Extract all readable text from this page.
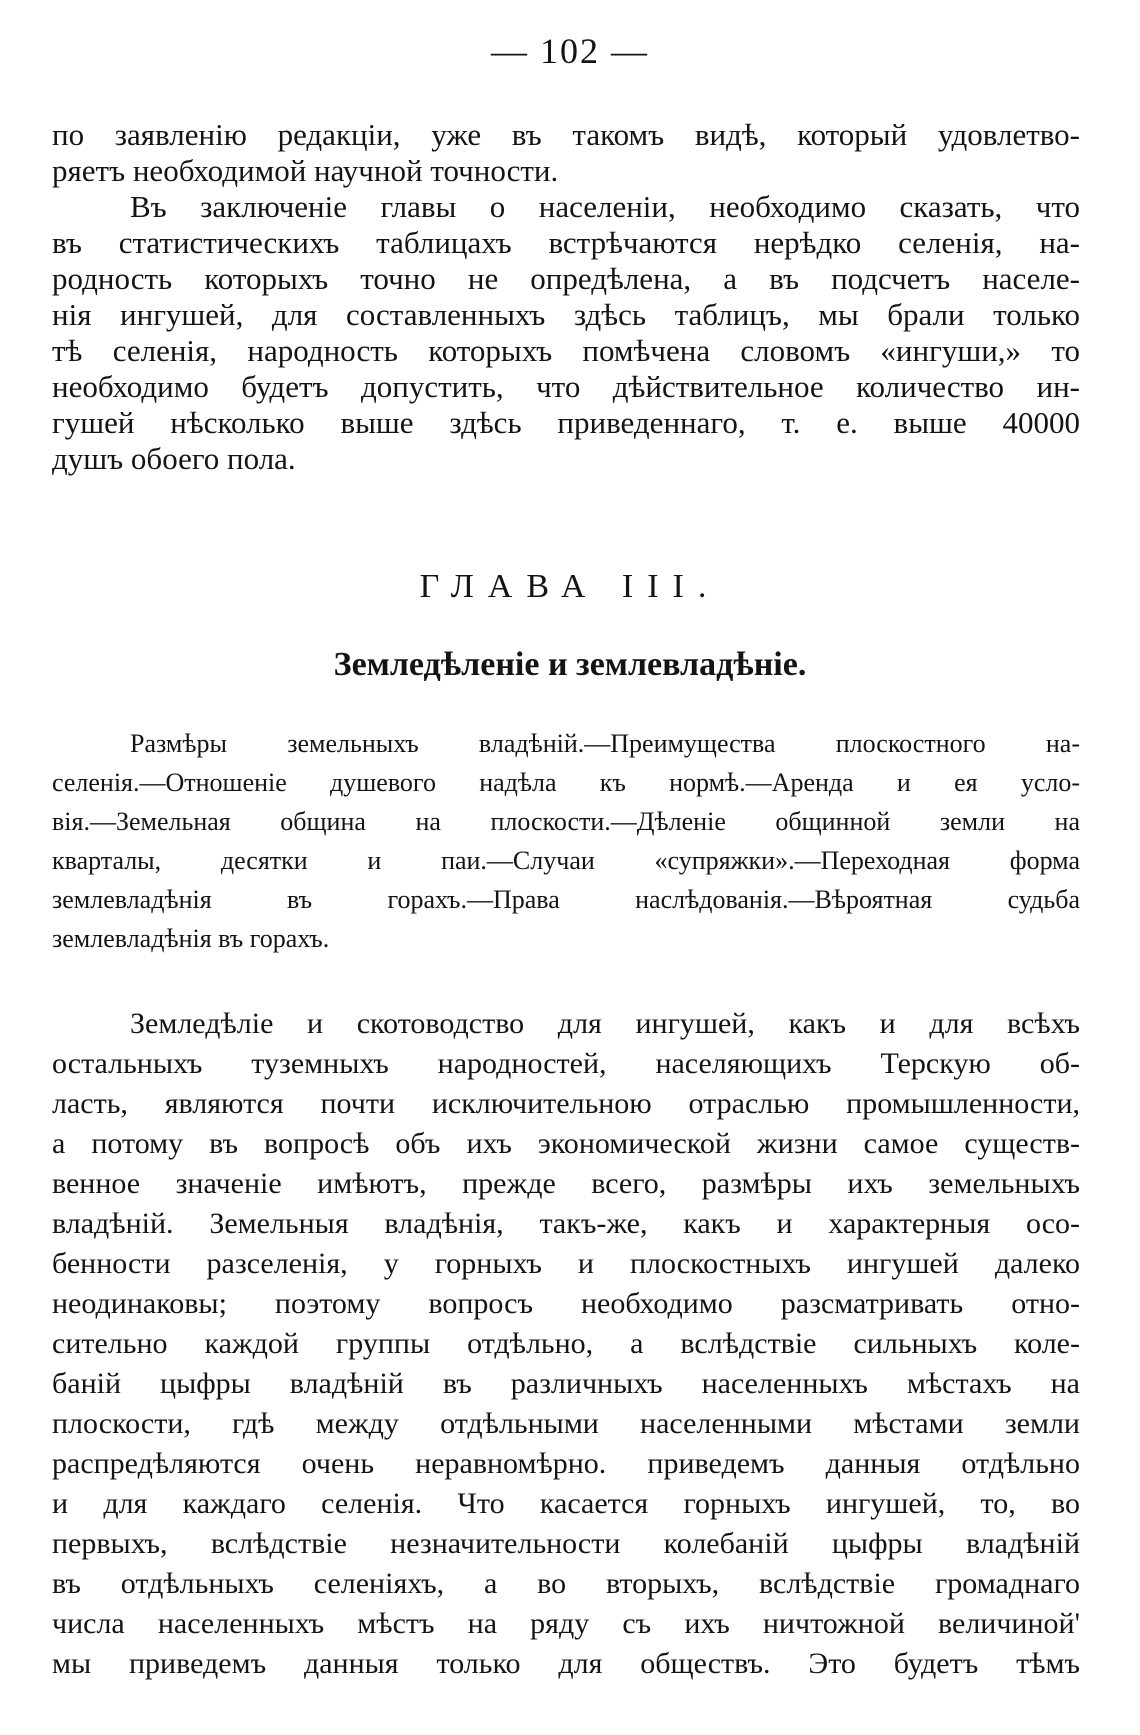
— 102 —
по заявленію редакціи, уже въ такомъ видѣ, который удовлетво-
ряетъ необходимой научной точности.
Въ заключеніе главы о населеніи, необходимо сказать, что
въ статистическихъ таблицахъ встрѣчаются нерѣдко селенія, на-
родность которыхъ точно не опредѣлена, а въ подсчетъ населе-
нія ингушей, для составленныхъ здѣсь таблицъ, мы брали только
тѣ селенія, народность которыхъ помѣчена словомъ «ингуши,» то
необходимо будетъ допустить, что дѣйствительное количество ин-
гушей нѣсколько выше здѣсь приведеннаго, т. е. выше 40000
душъ обоего пола.
ГЛАВА III.
Земледѣленіе и землевладѣніе.
Размѣры земельныхъ владѣній.—Преимущества плоскостного на-
селенія.—Отношеніе душевого надѣла къ нормѣ.—Аренда и ея усло-
вія.—Земельная община на плоскости.—Дѣленіе общинной земли на
кварталы, десятки и паи.—Случаи «супряжки».—Переходная форма
землевладѣнія въ горахъ.—Права наслѣдованія.—Вѣроятная судьба
землевладѣнія въ горахъ.
Земледѣліе и скотоводство для ингушей, какъ и для всѣхъ
остальныхъ туземныхъ народностей, населяющихъ Терскую об-
ласть, являются почти исключительною отраслью промышленности,
а потому въ вопросѣ объ ихъ экономической жизни самое существ-
венное значеніе имѣютъ, прежде всего, размѣры ихъ земельныхъ
владѣній. Земельныя владѣнія, такъ-же, какъ и характерныя осо-
бенности разселенія, у горныхъ и плоскостныхъ ингушей далеко
неодинаковы; поэтому вопросъ необходимо разсматривать отно-
сительно каждой группы отдѣльно, а вслѣдствіе сильныхъ коле-
баній цыфры владѣній въ различныхъ населенныхъ мѣстахъ на
плоскости, гдѣ между отдѣльными населенными мѣстами земли
распредѣляются очень неравномѣрно. приведемъ данныя отдѣльно
и для каждаго селенія. Что касается горныхъ ингушей, то, во
первыхъ, вслѣдствіе незначительности колебаній цыфры владѣній
въ отдѣльныхъ селеніяхъ, а во вторыхъ, вслѣдствіе громаднаго
числа населенныхъ мѣстъ на ряду съ ихъ ничтожной величиной'
мы приведемъ данныя только для обществъ. Это будетъ тѣмъ
